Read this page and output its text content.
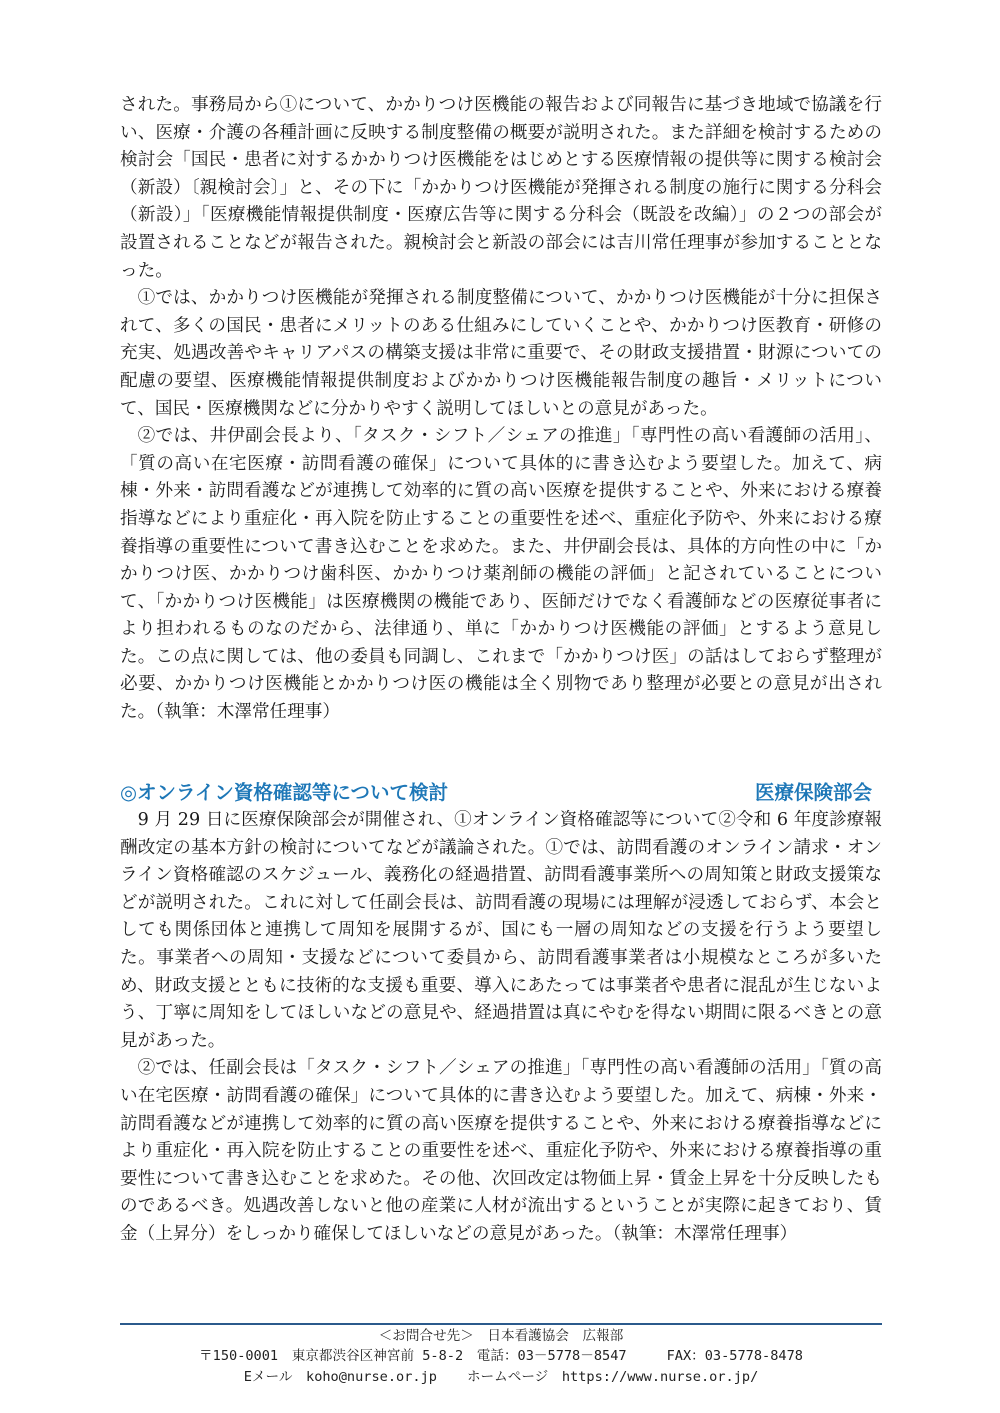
された。事務局から①について、かかりつけ医機能の報告および同報告に基づき地域で協議を行い、医療・介護の各種計画に反映する制度整備の概要が説明された。また詳細を検討するための検討会「国民・患者に対するかかりつけ医機能をはじめとする医療情報の提供等に関する検討会（新設）〔親検討会〕」と、その下に「かかりつけ医機能が発揮される制度の施行に関する分科会（新設）」「医療機能情報提供制度・医療広告等に関する分科会（既設を改編）」の２つの部会が設置されることなどが報告された。親検討会と新設の部会には吉川常任理事が参加することとなった。

①では、かかりつけ医機能が発揮される制度整備について、かかりつけ医機能が十分に担保されて、多くの国民・患者にメリットのある仕組みにしていくことや、かかりつけ医教育・研修の充実、処遇改善やキャリアパスの構築支援は非常に重要で、その財政支援措置・財源についての配慮の要望、医療機能情報提供制度およびかかりつけ医機能報告制度の趣旨・メリットについて、国民・医療機関などに分かりやすく説明してほしいとの意見があった。

②では、井伊副会長より、「タスク・シフト／シェアの推進」「専門性の高い看護師の活用」、「質の高い在宅医療・訪問看護の確保」について具体的に書き込むよう要望した。加えて、病棟・外来・訪問看護などが連携して効率的に質の高い医療を提供することや、外来における療養指導などにより重症化・再入院を防止することの重要性を述べ、重症化予防や、外来における療養指導の重要性について書き込むことを求めた。また、井伊副会長は、具体的方向性の中に「かかりつけ医、かかりつけ歯科医、かかりつけ薬剤師の機能の評価」と記されていることについて、「かかりつけ医機能」は医療機関の機能であり、医師だけでなく看護師などの医療従事者により担われるものなのだから、法律通り、単に「かかりつけ医機能の評価」とするよう意見した。この点に関しては、他の委員も同調し、これまで「かかりつけ医」の話はしておらず整理が必要、かかりつけ医機能とかかりつけ医の機能は全く別物であり整理が必要との意見が出された。（執筆：木澤常任理事）

◎オンライン資格確認等について検討	医療保険部会

9 月 29 日に医療保険部会が開催され、①オンライン資格確認等について②令和 6 年度診療報酬改定の基本方針の検討についてなどが議論された。①では、訪問看護のオンライン請求・オンライン資格確認のスケジュール、義務化の経過措置、訪問看護事業所への周知策と財政支援策などが説明された。これに対して任副会長は、訪問看護の現場には理解が浸透しておらず、本会としても関係団体と連携して周知を展開するが、国にも一層の周知などの支援を行うよう要望した。事業者への周知・支援などについて委員から、訪問看護事業者は小規模なところが多いため、財政支援とともに技術的な支援も重要、導入にあたっては事業者や患者に混乱が生じないよう、丁寧に周知をしてほしいなどの意見や、経過措置は真にやむを得ない期間に限るべきとの意見があった。

②では、任副会長は「タスク・シフト／シェアの推進」「専門性の高い看護師の活用」「質の高い在宅医療・訪問看護の確保」について具体的に書き込むよう要望した。加えて、病棟・外来・訪問看護などが連携して効率的に質の高い医療を提供することや、外来における療養指導などにより重症化・再入院を防止することの重要性を述べ、重症化予防や、外来における療養指導の重要性について書き込むことを求めた。その他、次回改定は物価上昇・賃金上昇を十分反映したものであるべき。処遇改善しないと他の産業に人材が流出するということが実際に起きており、賃金（上昇分）をしっかり確保してほしいなどの意見があった。（執筆：木澤常任理事）

＜お問合せ先＞　日本看護協会　広報部
〒150-0001　 東京都渋谷区神宮前 5-8-2　 電話：03－5778－8547	FAX：03-5778-8478
Eメール　koho@nurse.or.jp ホームページ　https://www.nurse.or.jp/
